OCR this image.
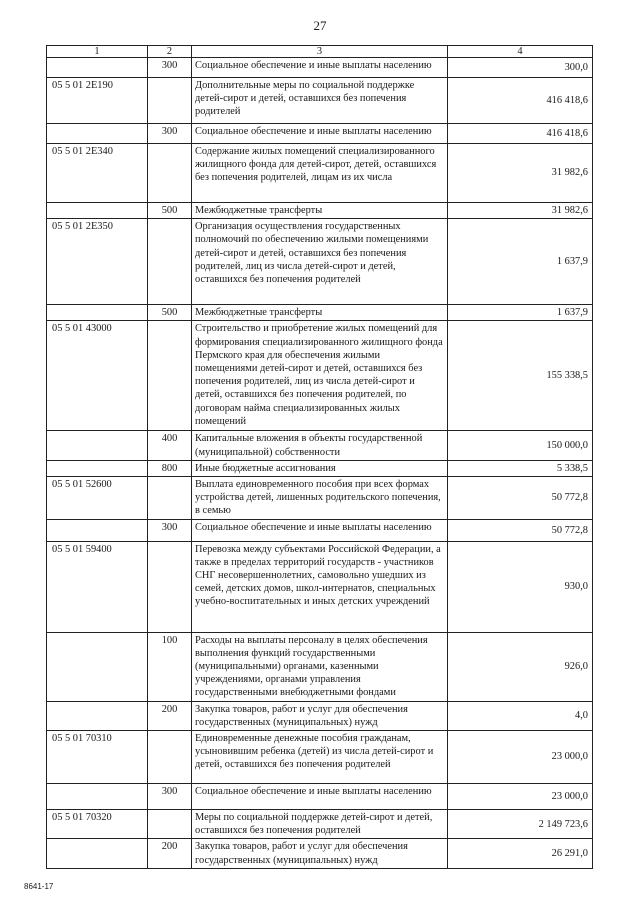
27
1	2	3	4
	300	Социальное обеспечение и иные выплаты населению	300,0
05 5 01 2E190		Дополнительные меры по социальной поддержке детей-сирот и детей, оставшихся без попечения родителей	416 418,6
	300	Социальное обеспечение и иные выплаты населению	416 418,6
05 5 01 2E340		Содержание жилых помещений специализированного жилищного фонда для детей-сирот, детей, оставшихся без попечения родителей, лицам из их числа	31 982,6
	500	Межбюджетные трансферты	31 982,6
05 5 01 2E350		Организация осуществления государственных полномочий по обеспечению жилыми помещениями детей-сирот и детей, оставшихся без попечения родителей, лиц из числа детей-сирот и детей, оставшихся без попечения родителей	1 637,9
	500	Межбюджетные трансферты	1 637,9
05 5 01 43000		Строительство и приобретение жилых помещений для формирования специализированного жилищного фонда Пермского края для обеспечения жилыми помещениями детей-сирот и детей, оставшихся без попечения родителей, лиц из числа детей-сирот и детей, оставшихся без попечения родителей, по договорам найма специализированных жилых помещений	155 338,5
	400	Капитальные вложения в объекты государственной (муниципальной) собственности	150 000,0
	800	Иные бюджетные ассигнования	5 338,5
05 5 01 52600		Выплата единовременного пособия при всех формах устройства детей, лишенных родительского попечения, в семью	50 772,8
	300	Социальное обеспечение и иные выплаты населению	50 772,8
05 5 01 59400		Перевозка между субъектами Российской Федерации, а также в пределах территорий государств - участников СНГ несовершеннолетних, самовольно ушедших из семей, детских домов, школ-интернатов, специальных учебно-воспитательных и иных детских учреждений	930,0
	100	Расходы на выплаты персоналу в целях обеспечения выполнения функций государственными (муниципальными) органами, казенными учреждениями, органами управления государственными внебюджетными фондами	926,0
	200	Закупка товаров, работ и услуг для обеспечения государственных (муниципальных) нужд	4,0
05 5 01 70310		Единовременные денежные пособия гражданам, усыновившим ребенка (детей) из числа детей-сирот и детей, оставшихся без попечения родителей	23 000,0
	300	Социальное обеспечение и иные выплаты населению	23 000,0
05 5 01 70320		Меры по социальной поддержке детей-сирот и детей, оставшихся без попечения родителей	2 149 723,6
	200	Закупка товаров, работ и услуг для обеспечения государственных (муниципальных) нужд	26 291,0
8641-17
